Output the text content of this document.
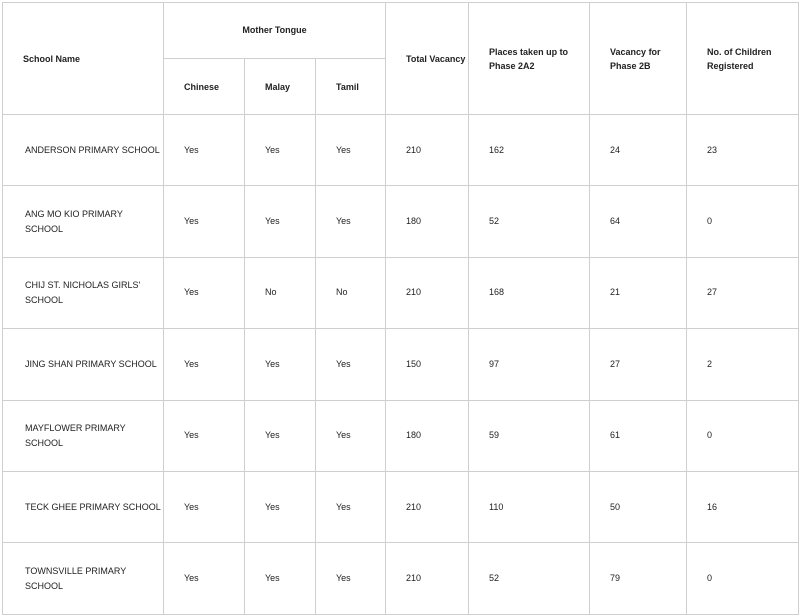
School Name	Mother Tongue			Total Vacancy	Places taken up to Phase 2A2	Vacancy for Phase 2B	No. of Children Registered
	Chinese	Malay	Tamil				
ANDERSON PRIMARY SCHOOL	Yes	Yes	Yes	210	162	24	23
ANG MO KIO PRIMARY SCHOOL	Yes	Yes	Yes	180	52	64	0
CHIJ ST. NICHOLAS GIRLS' SCHOOL	Yes	No	No	210	168	21	27
JING SHAN PRIMARY SCHOOL	Yes	Yes	Yes	150	97	27	2
MAYFLOWER PRIMARY SCHOOL	Yes	Yes	Yes	180	59	61	0
TECK GHEE PRIMARY SCHOOL	Yes	Yes	Yes	210	110	50	16
TOWNSVILLE PRIMARY SCHOOL	Yes	Yes	Yes	210	52	79	0
